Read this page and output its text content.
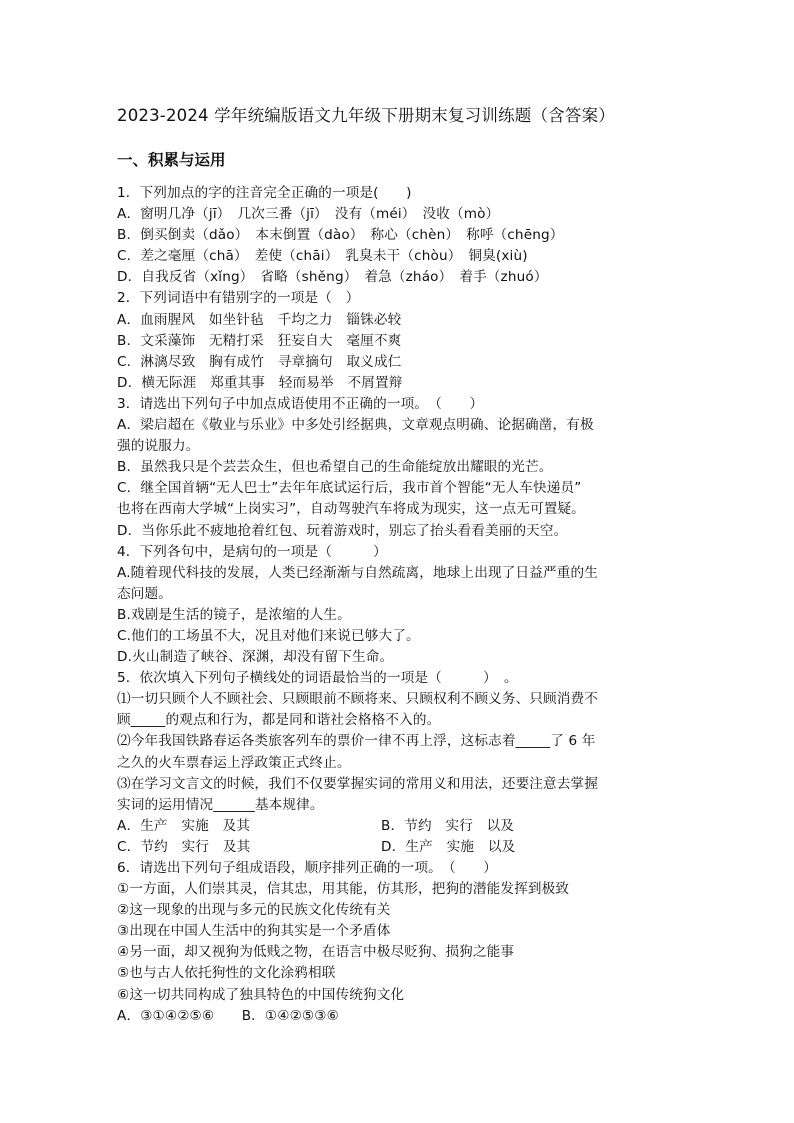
2023-2024 学年统编版语文九年级下册期末复习训练题（含答案）
一、积累与运用
1．下列加点的字的注音完全正确的一项是(　　)
A．窗明几净（jī）　几次三番（jī）　没有（méi）　没收（mò）
B．倒买倒卖（dǎo）　本末倒置（dào）　称心（chèn）　称呼（chēng）
C．差之毫厘（chā）　差使（chāi）　乳臭未干（chòu）　铜臭(xiù)
D．自我反省（xǐng）　省略（shěng）　着急（zháo）　着手（zhuó）
2．下列词语中有错别字的一项是（　）
A．血雨腥风　如坐针毡　千均之力　锱铢必较
B．文采藻饰　无精打采　狂妄自大　毫厘不爽
C．淋漓尽致　胸有成竹　寻章摘句　取义成仁
D．横无际涯　郑重其事　轻而易举　不屑置辩
3．请选出下列句子中加点成语使用不正确的一项。　（　　）
A．梁启超在《敬业与乐业》中多处引经据典，文章观点明确、论据确凿，有极
强的说服力。
B．虽然我只是个芸芸众生，但也希望自己的生命能绽放出耀眼的光芒。
C．继全国首辆“无人巴士”去年年底试运行后，我市首个智能“无人车快递员”
也将在西南大学城“上岗实习”，自动驾驶汽车将成为现实，这一点无可置疑。
D．当你乐此不疲地抢着红包、玩着游戏时，别忘了抬头看看美丽的天空。
4．下列各句中，是病句的一项是（　　　）
A.随着现代科技的发展，人类已经渐渐与自然疏离，地球上出现了日益严重的生
态问题。
B.戏剧是生活的镜子，是浓缩的人生。
C.他们的工场虽不大，况且对他们来说已够大了。
D.火山制造了峡谷、深渊，却没有留下生命。
5．依次填入下列句子横线处的词语最恰当的一项是（　　　）　。
⑴一切只顾个人不顾社会、只顾眼前不顾将来、只顾权利不顾义务、只顾消费不
顾_____的观点和行为，都是同和谐社会格格不入的。
⑵今年我国铁路春运各类旅客列车的票价一律不再上浮，这标志着_____了 6 年
之久的火车票春运上浮政策正式终止。
⑶在学习文言文的时候，我们不仅要掌握实词的常用义和用法，还要注意去掌握
实词的运用情况______基本规律。
A．生产　实施　及其	B．节约　实行　以及
C．节约　实行　及其	D．生产　实施　以及
6．请选出下列句子组成语段，顺序排列正确的一项。　（　　）
①一方面，人们崇其灵，信其忠，用其能，仿其形，把狗的潜能发挥到极致
②这一现象的出现与多元的民族文化传统有关
③出现在中国人生活中的狗其实是一个矛盾体
④另一面，却又视狗为低贱之物，在语言中极尽贬狗、损狗之能事
⑤也与古人依托狗性的文化涂鸦相联
⑥这一切共同构成了独具特色的中国传统狗文化
A．③①④②⑤⑥　　B．①④②⑤③⑥
